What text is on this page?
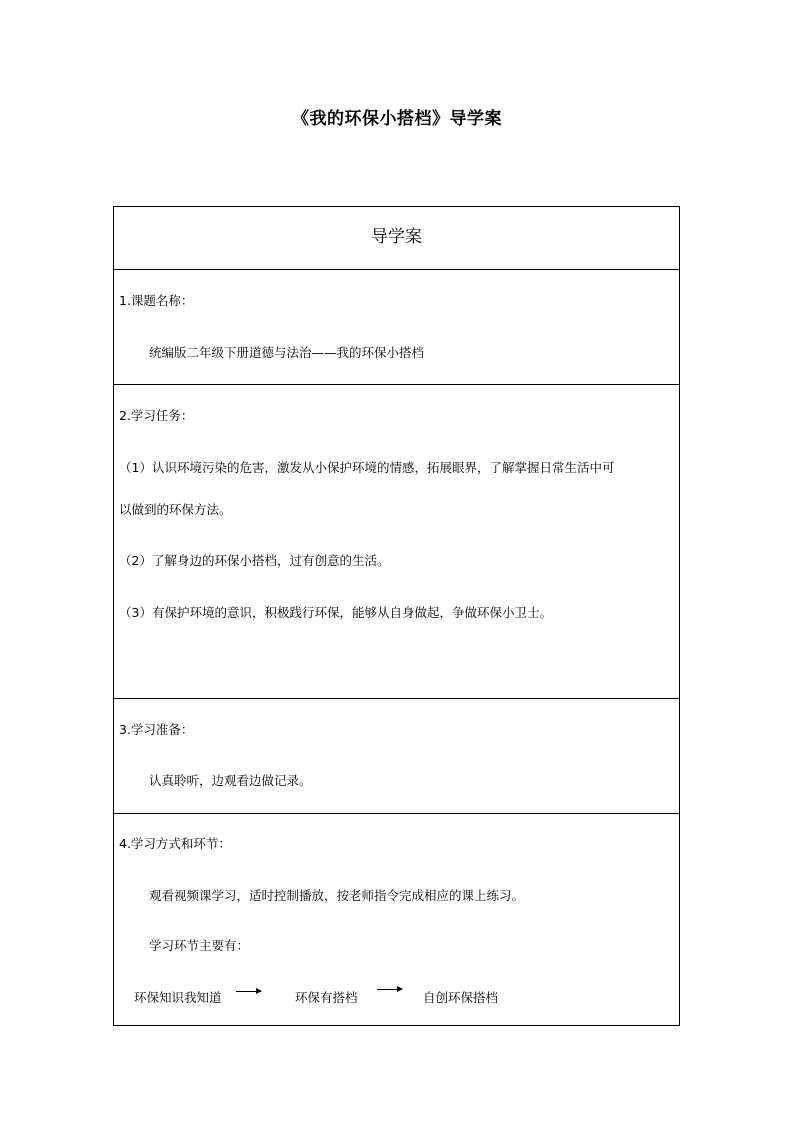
《我的环保小搭档》导学案
导学案
1.课题名称：
统编版二年级下册道德与法治——我的环保小搭档
2.学习任务：
（1）认识环境污染的危害，激发从小保护环境的情感，拓展眼界，了解掌握日常生活中可
以做到的环保方法。
（2）了解身边的环保小搭档，过有创意的生活。
（3）有保护环境的意识，积极践行环保，能够从自身做起，争做环保小卫士。
3.学习准备：
认真聆听，边观看边做记录。
4.学习方式和环节：
观看视频课学习，适时控制播放，按老师指令完成相应的课上练习。
学习环节主要有：
环保知识我知道	环保有搭档	自创环保搭档
